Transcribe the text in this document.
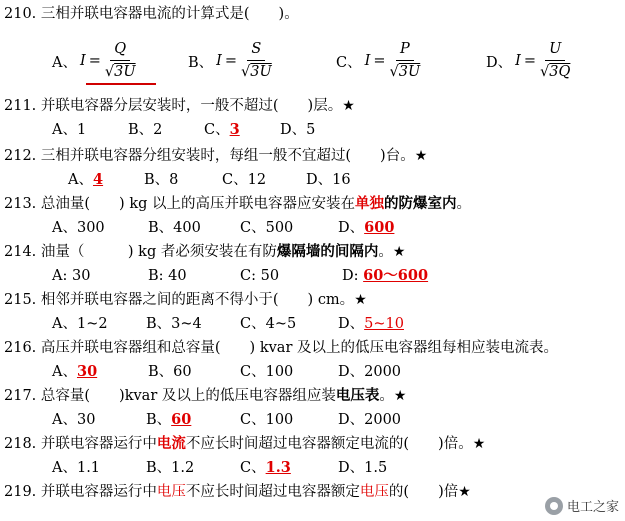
210. 三相并联电容器电流的计算式是(　　)。
A、 $I = \frac{Q}{√3U}$	B、 $I = \frac{S}{√3U}$	C、 $I = \frac{P}{√3U}$	D、 $I = \frac{U}{√3Q}$
211. 并联电容器分层安装时，一般不超过(　　)层。★
A、1	B、2	C、3	D、5
212. 三相并联电容器分组安装时，每组一般不宜超过(　　)台。★
A、4	B、8	C、12	D、16
213. 总油量(　　) kg 以上的高压并联电容器应安装在单独的防爆室内。
A、300	B、400	C、500	D、600
214. 油量（　　　) kg 者必须安装在有防爆隔墙的间隔内。★
A: 30	B: 40	C: 50	D: 60～600
215. 相邻并联电容器之间的距离不得小于(　　) cm。★
A、1~2	B、3~4	C、4~5	D、5~10
216. 高压并联电容器组和总容量(　　) kvar 及以上的低压电容器组每相应装电流表。
A、30	B、60	C、100	D、2000
217. 总容量(　　)kvar 及以上的低压电容器组应装电压表。★
A、30	B、60	C、100	D、2000
218. 并联电容器运行中电流不应长时间超过电容器额定电流的(　　)倍。★
A、1.1	B、1.2	C、1.3	D、1.5
219. 并联电容器运行中电压不应长时间超过电容器额定电压的(　　)倍★
电工之家
